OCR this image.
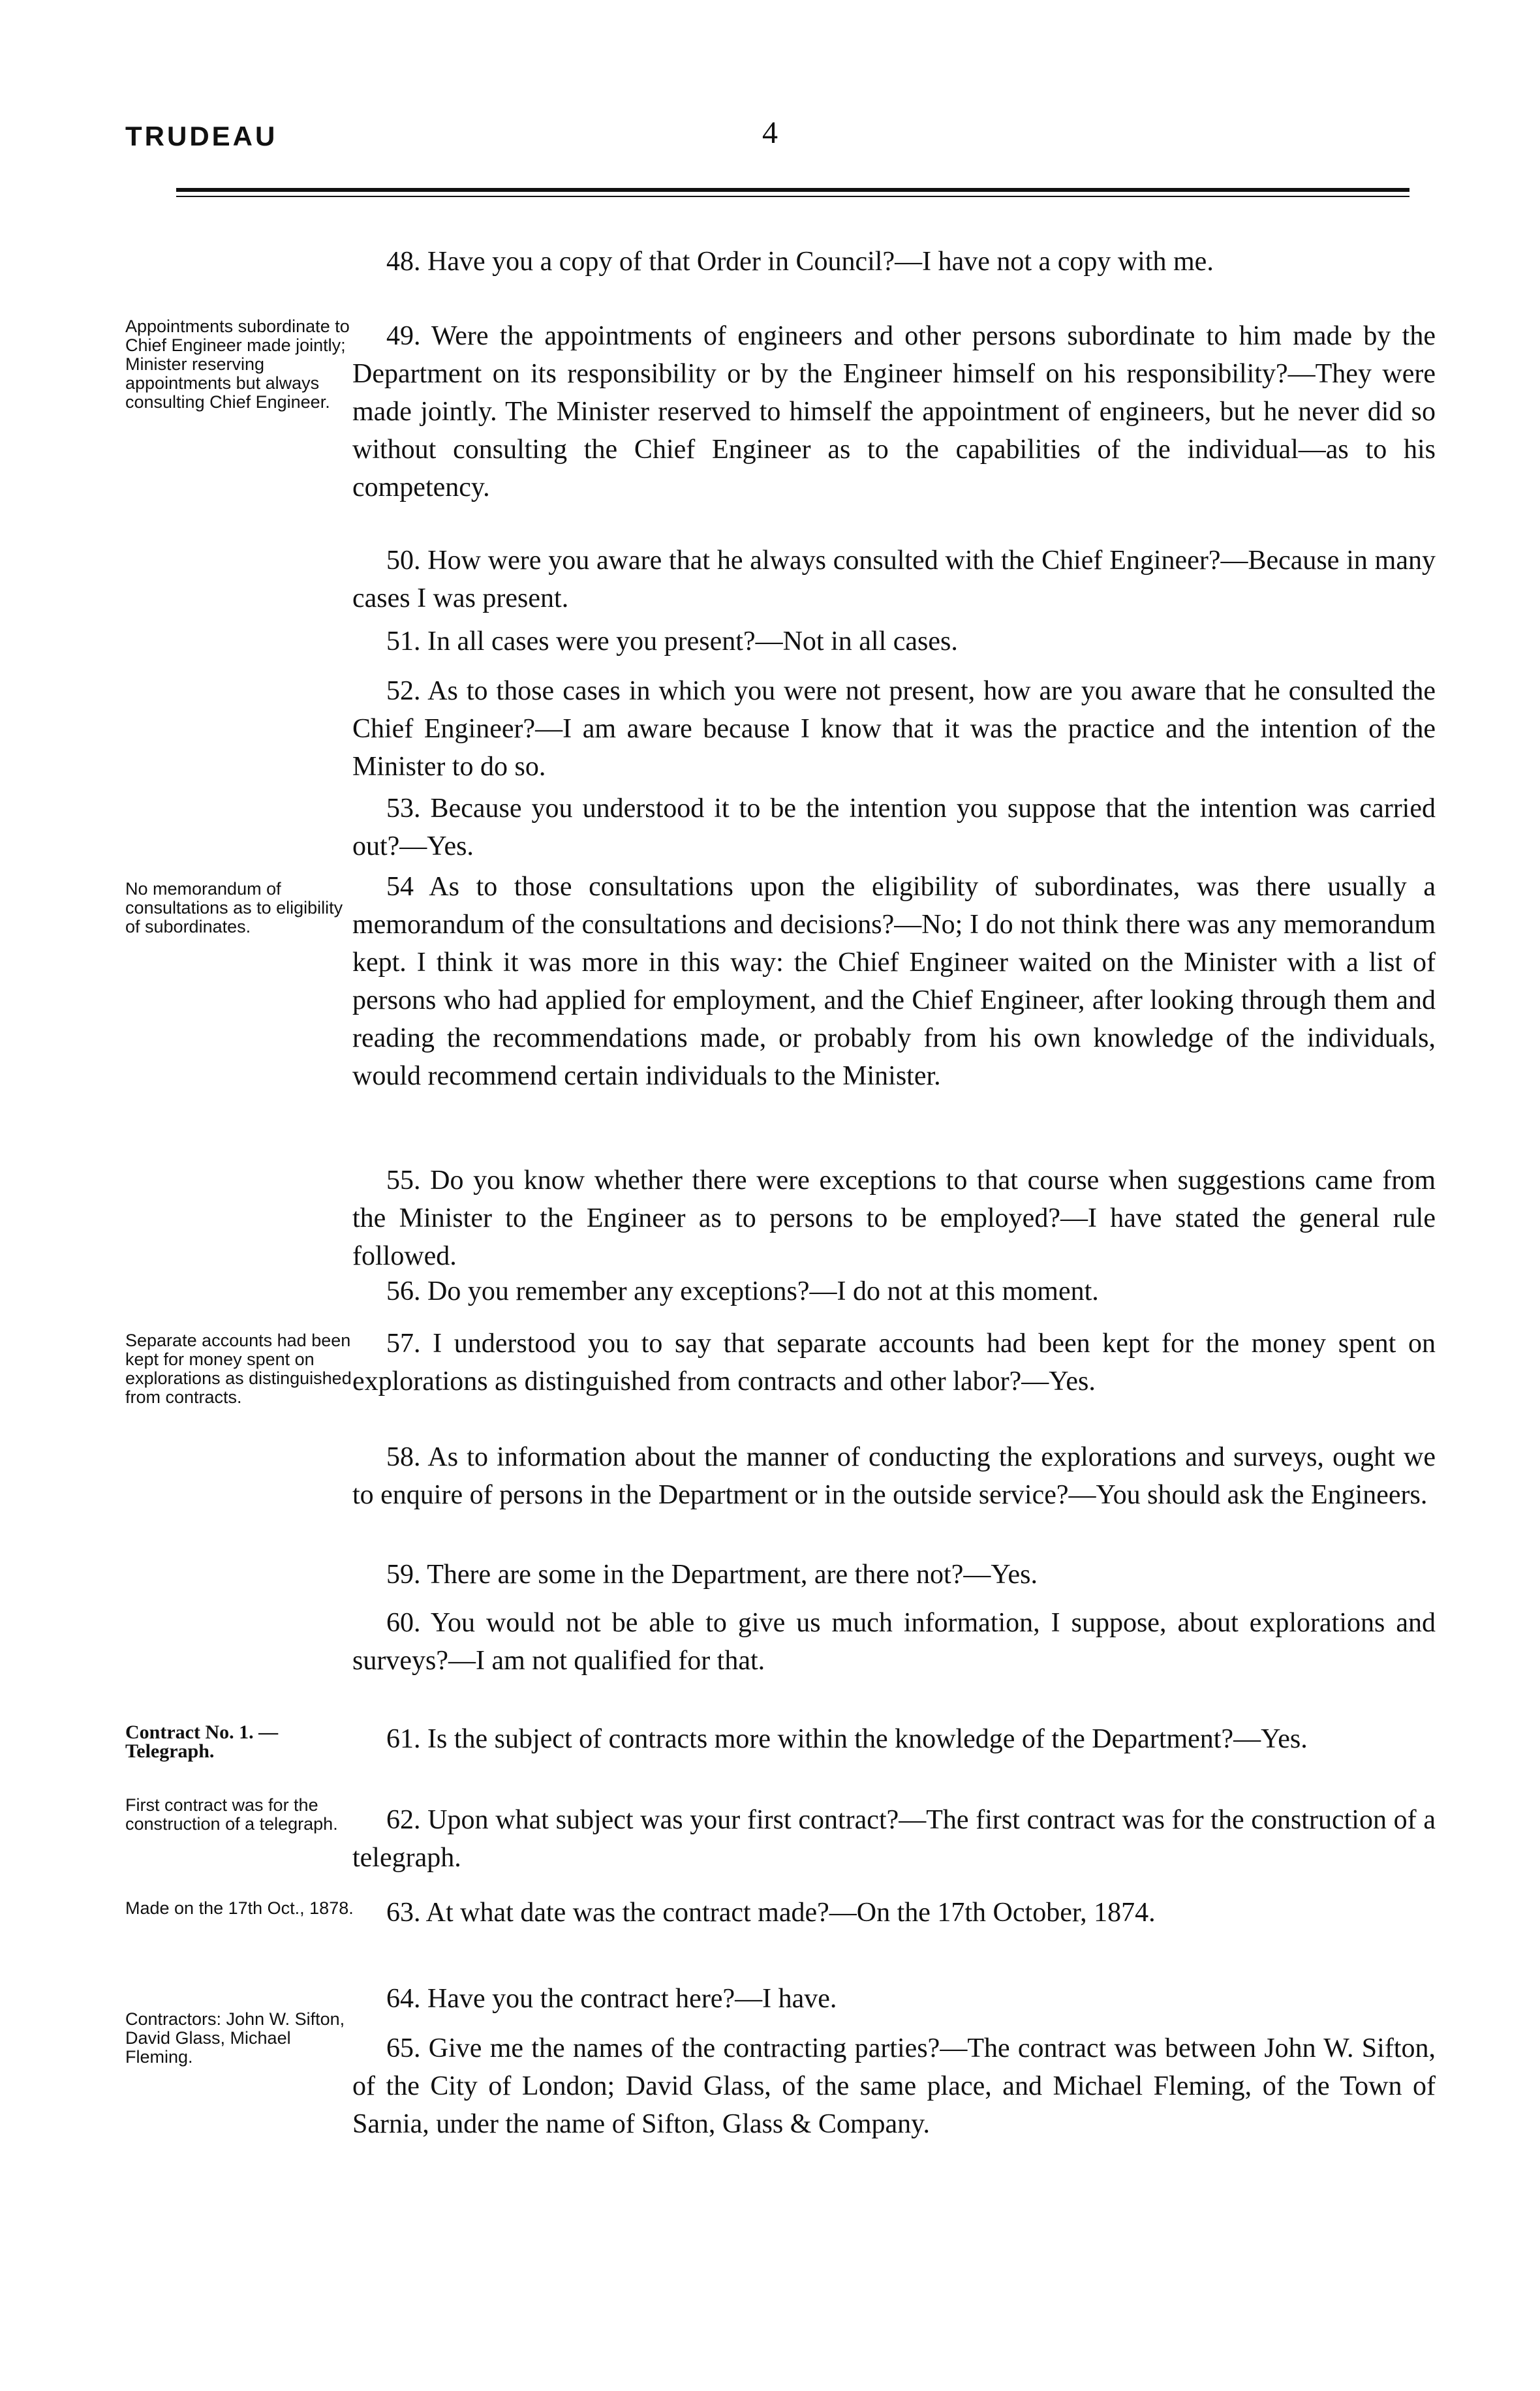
TRUDEAU	4

Appointments subordinate to Chief Engineer made jointly; Minister reserving appointments but always consulting Chief Engineer.

No memorandum of consultations as to eligibility of subordinates.

Separate accounts had been kept for money spent on explorations as distinguished from contracts.

Contract No. 1. —Telegraph.

First contract was for the construction of a telegraph.

Made on the 17th Oct., 1878.

Contractors: John W. Sifton, David Glass, Michael Fleming.

48. Have you a copy of that Order in Council?—I have not a copy with me.

49. Were the appointments of engineers and other persons subordinate to him made by the Department on its responsibility or by the Engineer himself on his responsibility?—They were made jointly. The Minister reserved to himself the appointment of engineers, but he never did so without consulting the Chief Engineer as to the capabilities of the individual—as to his competency.

50. How were you aware that he always consulted with the Chief Engineer?—Because in many cases I was present.

51. In all cases were you present?—Not in all cases.

52. As to those cases in which you were not present, how are you aware that he consulted the Chief Engineer?—I am aware because I know that it was the practice and the intention of the Minister to do so.

53. Because you understood it to be the intention you suppose that the intention was carried out?—Yes.

54 As to those consultations upon the eligibility of subordinates, was there usually a memorandum of the consultations and decisions?—No; I do not think there was any memorandum kept. I think it was more in this way: the Chief Engineer waited on the Minister with a list of persons who had applied for employment, and the Chief Engineer, after looking through them and reading the recommendations made, or probably from his own knowledge of the individuals, would recommend certain individuals to the Minister.

55. Do you know whether there were exceptions to that course when suggestions came from the Minister to the Engineer as to persons to be employed?—I have stated the general rule followed.

56. Do you remember any exceptions?—I do not at this moment.

57. I understood you to say that separate accounts had been kept for the money spent on explorations as distinguished from contracts and other labor?—Yes.

58. As to information about the manner of conducting the explorations and surveys, ought we to enquire of persons in the Department or in the outside service?—You should ask the Engineers.

59. There are some in the Department, are there not?—Yes.

60. You would not be able to give us much information, I suppose, about explorations and surveys?—I am not qualified for that.

61. Is the subject of contracts more within the knowledge of the Department?—Yes.

62. Upon what subject was your first contract?—The first contract was for the construction of a telegraph.

63. At what date was the contract made?—On the 17th October, 1874.

64. Have you the contract here?—I have.

65. Give me the names of the contracting parties?—The contract was between John W. Sifton, of the City of London; David Glass, of the same place, and Michael Fleming, of the Town of Sarnia, under the name of Sifton, Glass & Company.
